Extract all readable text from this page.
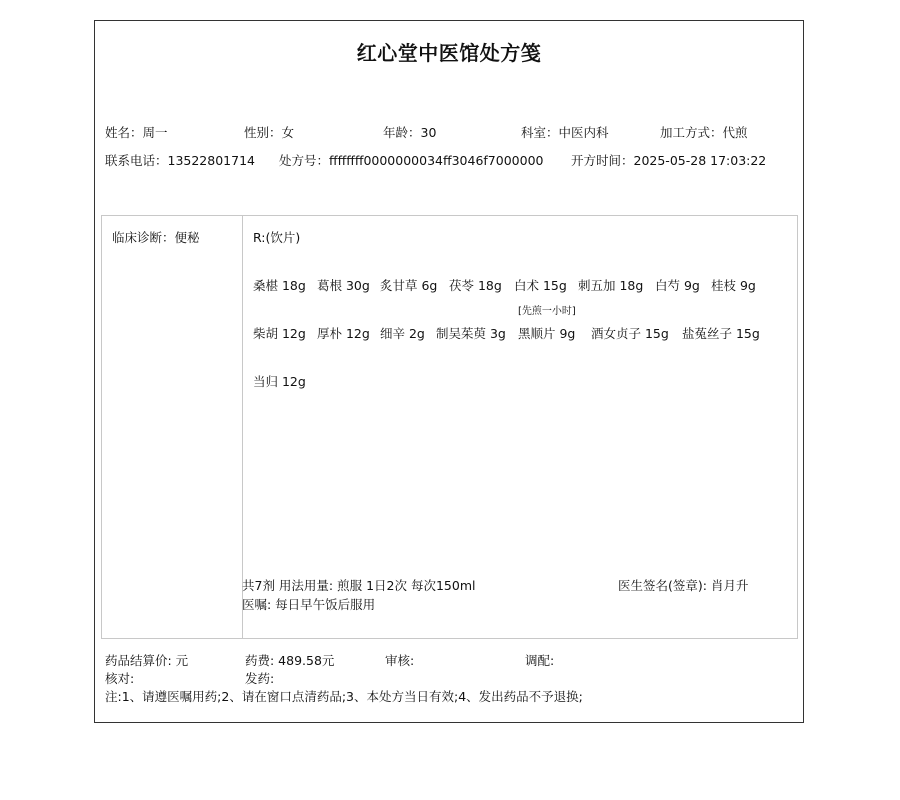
红心堂中医馆处方笺
姓名：周一	性别：女	年龄：30	科室：中医内科	加工方式：代煎
联系电话：13522801714 处方号：ffffffff0000000034ff3046f7000000 开方时间：2025-05-28 17:03:22
临床诊断：便秘	R:(饮片)
桑椹 18g 葛根 30g 炙甘草 6g 茯苓 18g 白术 15g 刺五加 18g 白芍 9g 桂枝 9g
柴胡 12g 厚朴 12g 细辛 2g 制吴茱萸 3g 黑顺片 9g
[先煎一小时]
酒女贞子 15g 盐菟丝子 15g
当归 12g
共7剂 用法用量: 煎服 1日2次 每次150ml	医生签名(签章): 肖月升
医嘱: 每日早午饭后服用
药品结算价: 元	药费: 489.58元	审核:	调配:
核对:	发药:
注:1、请遵医嘱用药;2、请在窗口点清药品;3、本处方当日有效;4、发出药品不予退换;
